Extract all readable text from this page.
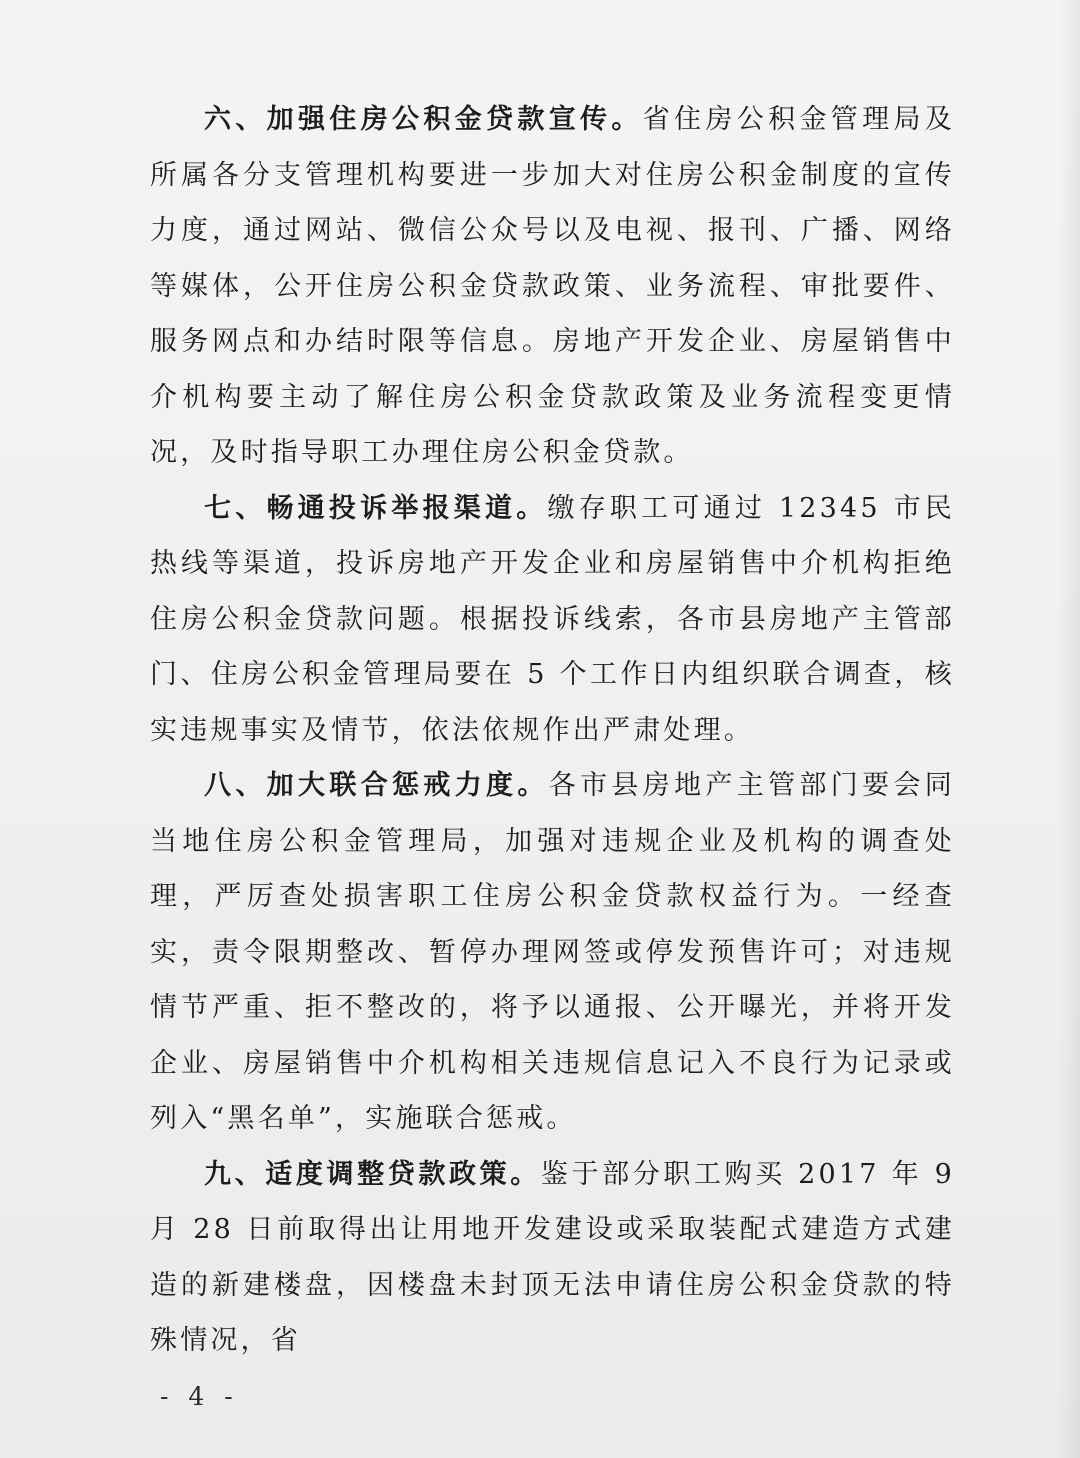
六、加强住房公积金贷款宣传。省住房公积金管理局及所属各分支管理机构要进一步加大对住房公积金制度的宣传力度，通过网站、微信公众号以及电视、报刊、广播、网络等媒体，公开住房公积金贷款政策、业务流程、审批要件、服务网点和办结时限等信息。房地产开发企业、房屋销售中介机构要主动了解住房公积金贷款政策及业务流程变更情况，及时指导职工办理住房公积金贷款。

七、畅通投诉举报渠道。缴存职工可通过 12345 市民热线等渠道，投诉房地产开发企业和房屋销售中介机构拒绝住房公积金贷款问题。根据投诉线索，各市县房地产主管部门、住房公积金管理局要在 5 个工作日内组织联合调查，核实违规事实及情节，依法依规作出严肃处理。

八、加大联合惩戒力度。各市县房地产主管部门要会同当地住房公积金管理局，加强对违规企业及机构的调查处理，严厉查处损害职工住房公积金贷款权益行为。一经查实，责令限期整改、暂停办理网签或停发预售许可；对违规情节严重、拒不整改的，将予以通报、公开曝光，并将开发企业、房屋销售中介机构相关违规信息记入不良行为记录或列入“黑名单”，实施联合惩戒。

九、适度调整贷款政策。鉴于部分职工购买 2017 年 9 月 28 日前取得出让用地开发建设或采取装配式建造方式建造的新建楼盘，因楼盘未封顶无法申请住房公积金贷款的特殊情况，省

- 4 -
